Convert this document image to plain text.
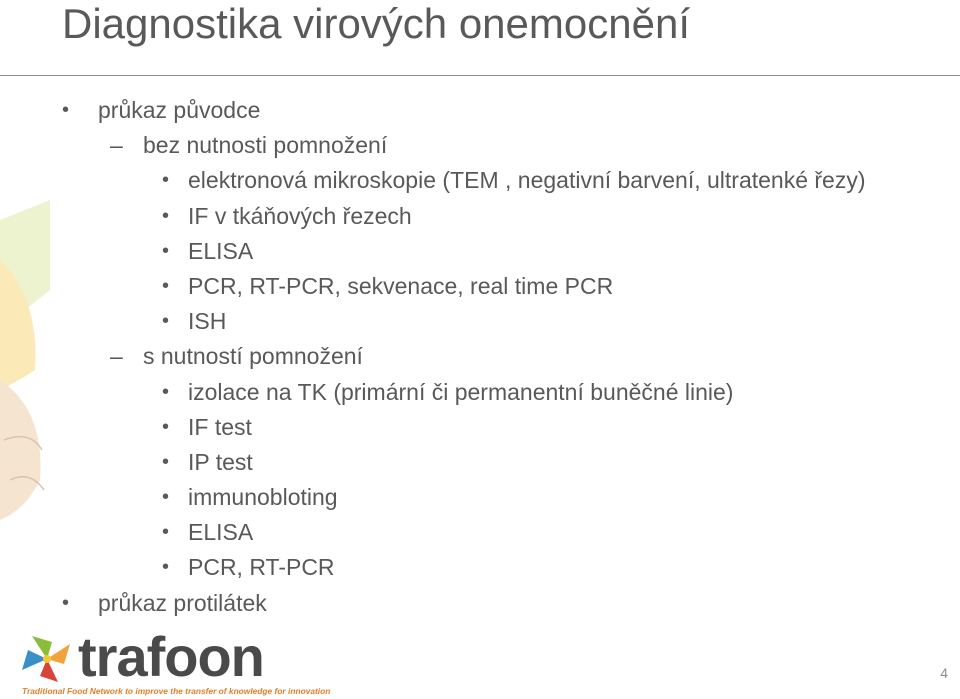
Diagnostika virových onemocnění
• průkaz původce
– bez nutnosti pomnožení
• elektronová mikroskopie (TEM , negativní barvení, ultratenké řezy)
• IF v tkáňových řezech
• ELISA
• PCR, RT-PCR, sekvenace, real time PCR
• ISH
– s nutností pomnožení
• izolace na TK (primární či permanentní buněčné linie)
• IF test
• IP test
• immunobloting
• ELISA
• PCR, RT-PCR
• průkaz protilátek
trafoon
Traditional Food Network to improve the transfer of knowledge for innovation
4
